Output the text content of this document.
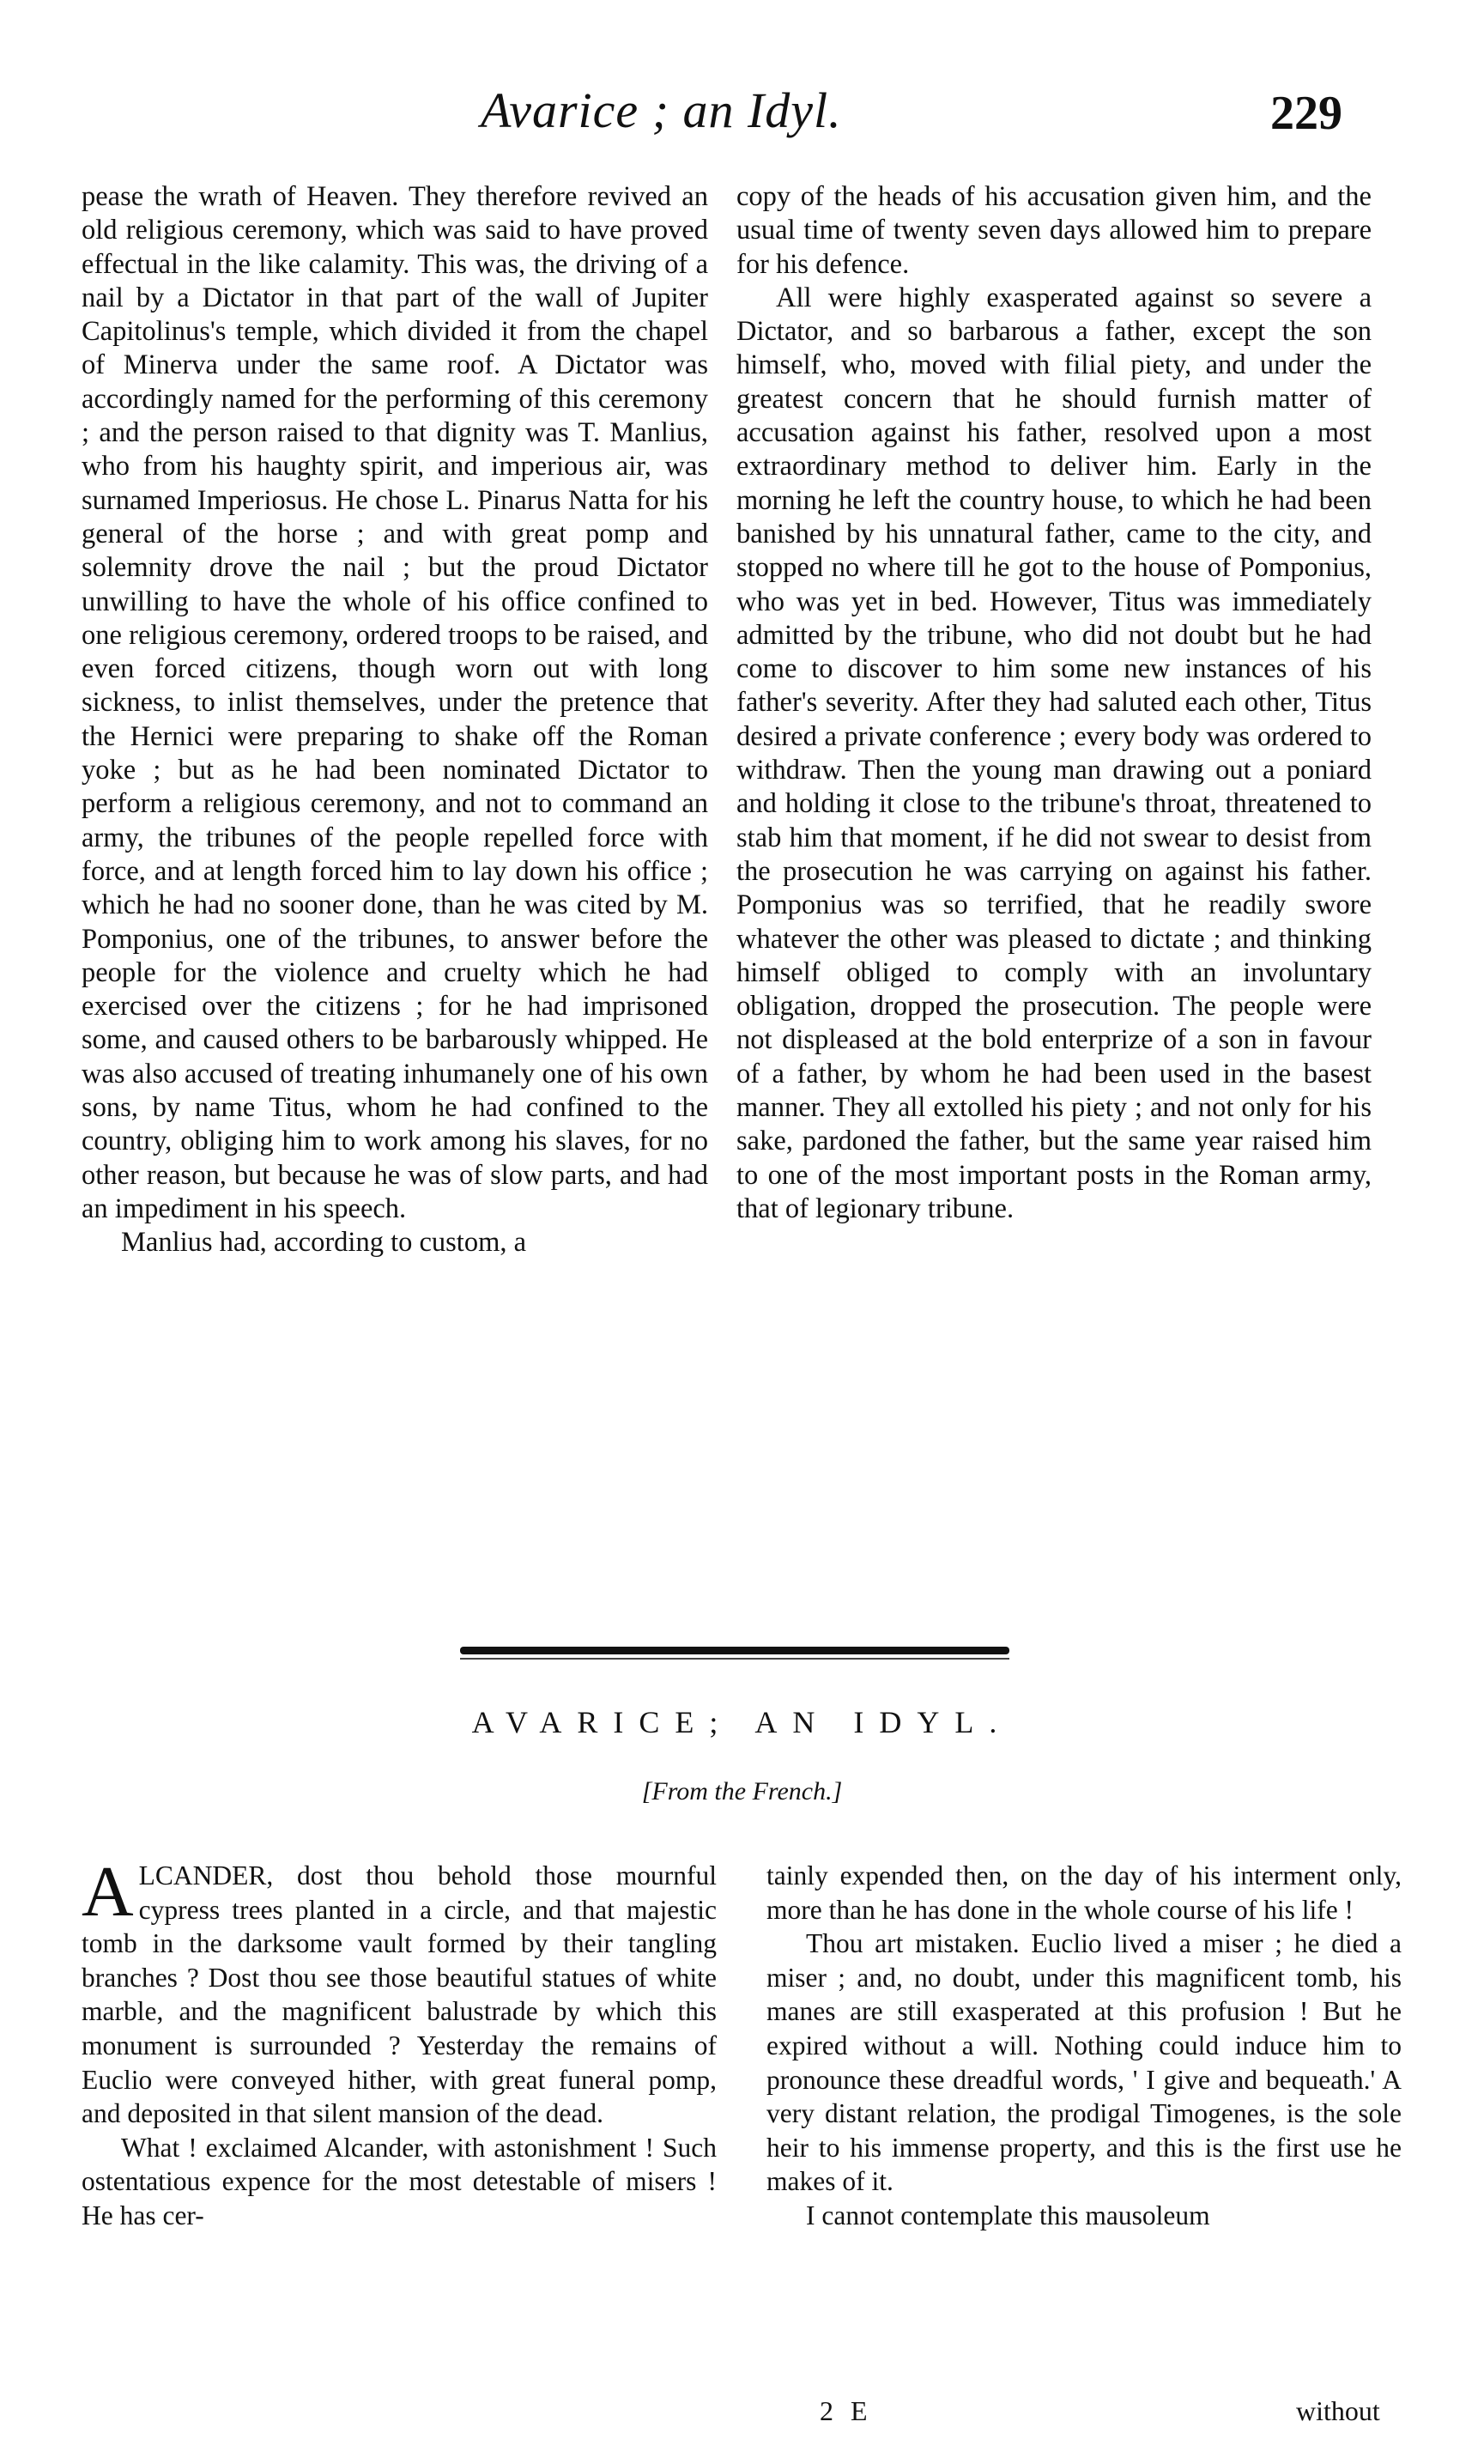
Avarice ; an Idyl.	229

pease the wrath of Heaven. They therefore revived an old religious ceremony, which was said to have proved effectual in the like calamity. This was, the driving of a nail by a Dictator in that part of the wall of Jupiter Capitolinus's temple, which divided it from the chapel of Minerva under the same roof. A Dictator was accordingly named for the performing of this ceremony ; and the person raised to that dignity was T. Manlius, who from his haughty spirit, and imperious air, was surnamed Imperiosus. He chose L. Pinarus Natta for his general of the horse ; and with great pomp and solemnity drove the nail ; but the proud Dictator unwilling to have the whole of his office confined to one religious ceremony, ordered troops to be raised, and even forced citizens, though worn out with long sickness, to inlist themselves, under the pretence that the Hernici were preparing to shake off the Roman yoke ; but as he had been nominated Dictator to perform a religious ceremony, and not to command an army, the tribunes of the people repelled force with force, and at length forced him to lay down his office ; which he had no sooner done, than he was cited by M. Pomponius, one of the tribunes, to answer before the people for the violence and cruelty which he had exercised over the citizens ; for he had imprisoned some, and caused others to be barbarously whipped. He was also accused of treating inhumanely one of his own sons, by name Titus, whom he had confined to the country, obliging him to work among his slaves, for no other reason, but because he was of slow parts, and had an impediment in his speech.

Manlius had, according to custom, a

copy of the heads of his accusation given him, and the usual time of twenty seven days allowed him to prepare for his defence.

All were highly exasperated against so severe a Dictator, and so barbarous a father, except the son himself, who, moved with filial piety, and under the greatest concern that he should furnish matter of accusation against his father, resolved upon a most extraordinary method to deliver him. Early in the morning he left the country house, to which he had been banished by his unnatural father, came to the city, and stopped no where till he got to the house of Pomponius, who was yet in bed. However, Titus was immediately admitted by the tribune, who did not doubt but he had come to discover to him some new instances of his father's severity. After they had saluted each other, Titus desired a private conference ; every body was ordered to withdraw. Then the young man drawing out a poniard and holding it close to the tribune's throat, threatened to stab him that moment, if he did not swear to desist from the prosecution he was carrying on against his father. Pomponius was so terrified, that he readily swore whatever the other was pleased to dictate ; and thinking himself obliged to comply with an involuntary obligation, dropped the prosecution. The people were not displeased at the bold enterprize of a son in favour of a father, by whom he had been used in the basest manner. They all extolled his piety ; and not only for his sake, pardoned the father, but the same year raised him to one of the most important posts in the Roman army, that of legionary tribune.

AVARICE; AN IDYL.
[From the French.]

ALCANDER, dost thou behold those mournful cypress trees planted in a circle, and that majestic tomb in the darksome vault formed by their tangling branches ? Dost thou see those beautiful statues of white marble, and the magnificent balustrade by which this monument is surrounded ? Yesterday the remains of Euclio were conveyed hither, with great funeral pomp, and deposited in that silent mansion of the dead.

What ! exclaimed Alcander, with astonishment ! Such ostentatious expence for the most detestable of misers ! He has cer-

tainly expended then, on the day of his interment only, more than he has done in the whole course of his life !

Thou art mistaken. Euclio lived a miser ; he died a miser ; and, no doubt, under this magnificent tomb, his manes are still exasperated at this profusion ! But he expired without a will. Nothing could induce him to pronounce these dreadful words, ' I give and bequeath.' A very distant relation, the prodigal Timogenes, is the sole heir to his immense property, and this is the first use he makes of it.

I cannot contemplate this mausoleum

2 E	without
